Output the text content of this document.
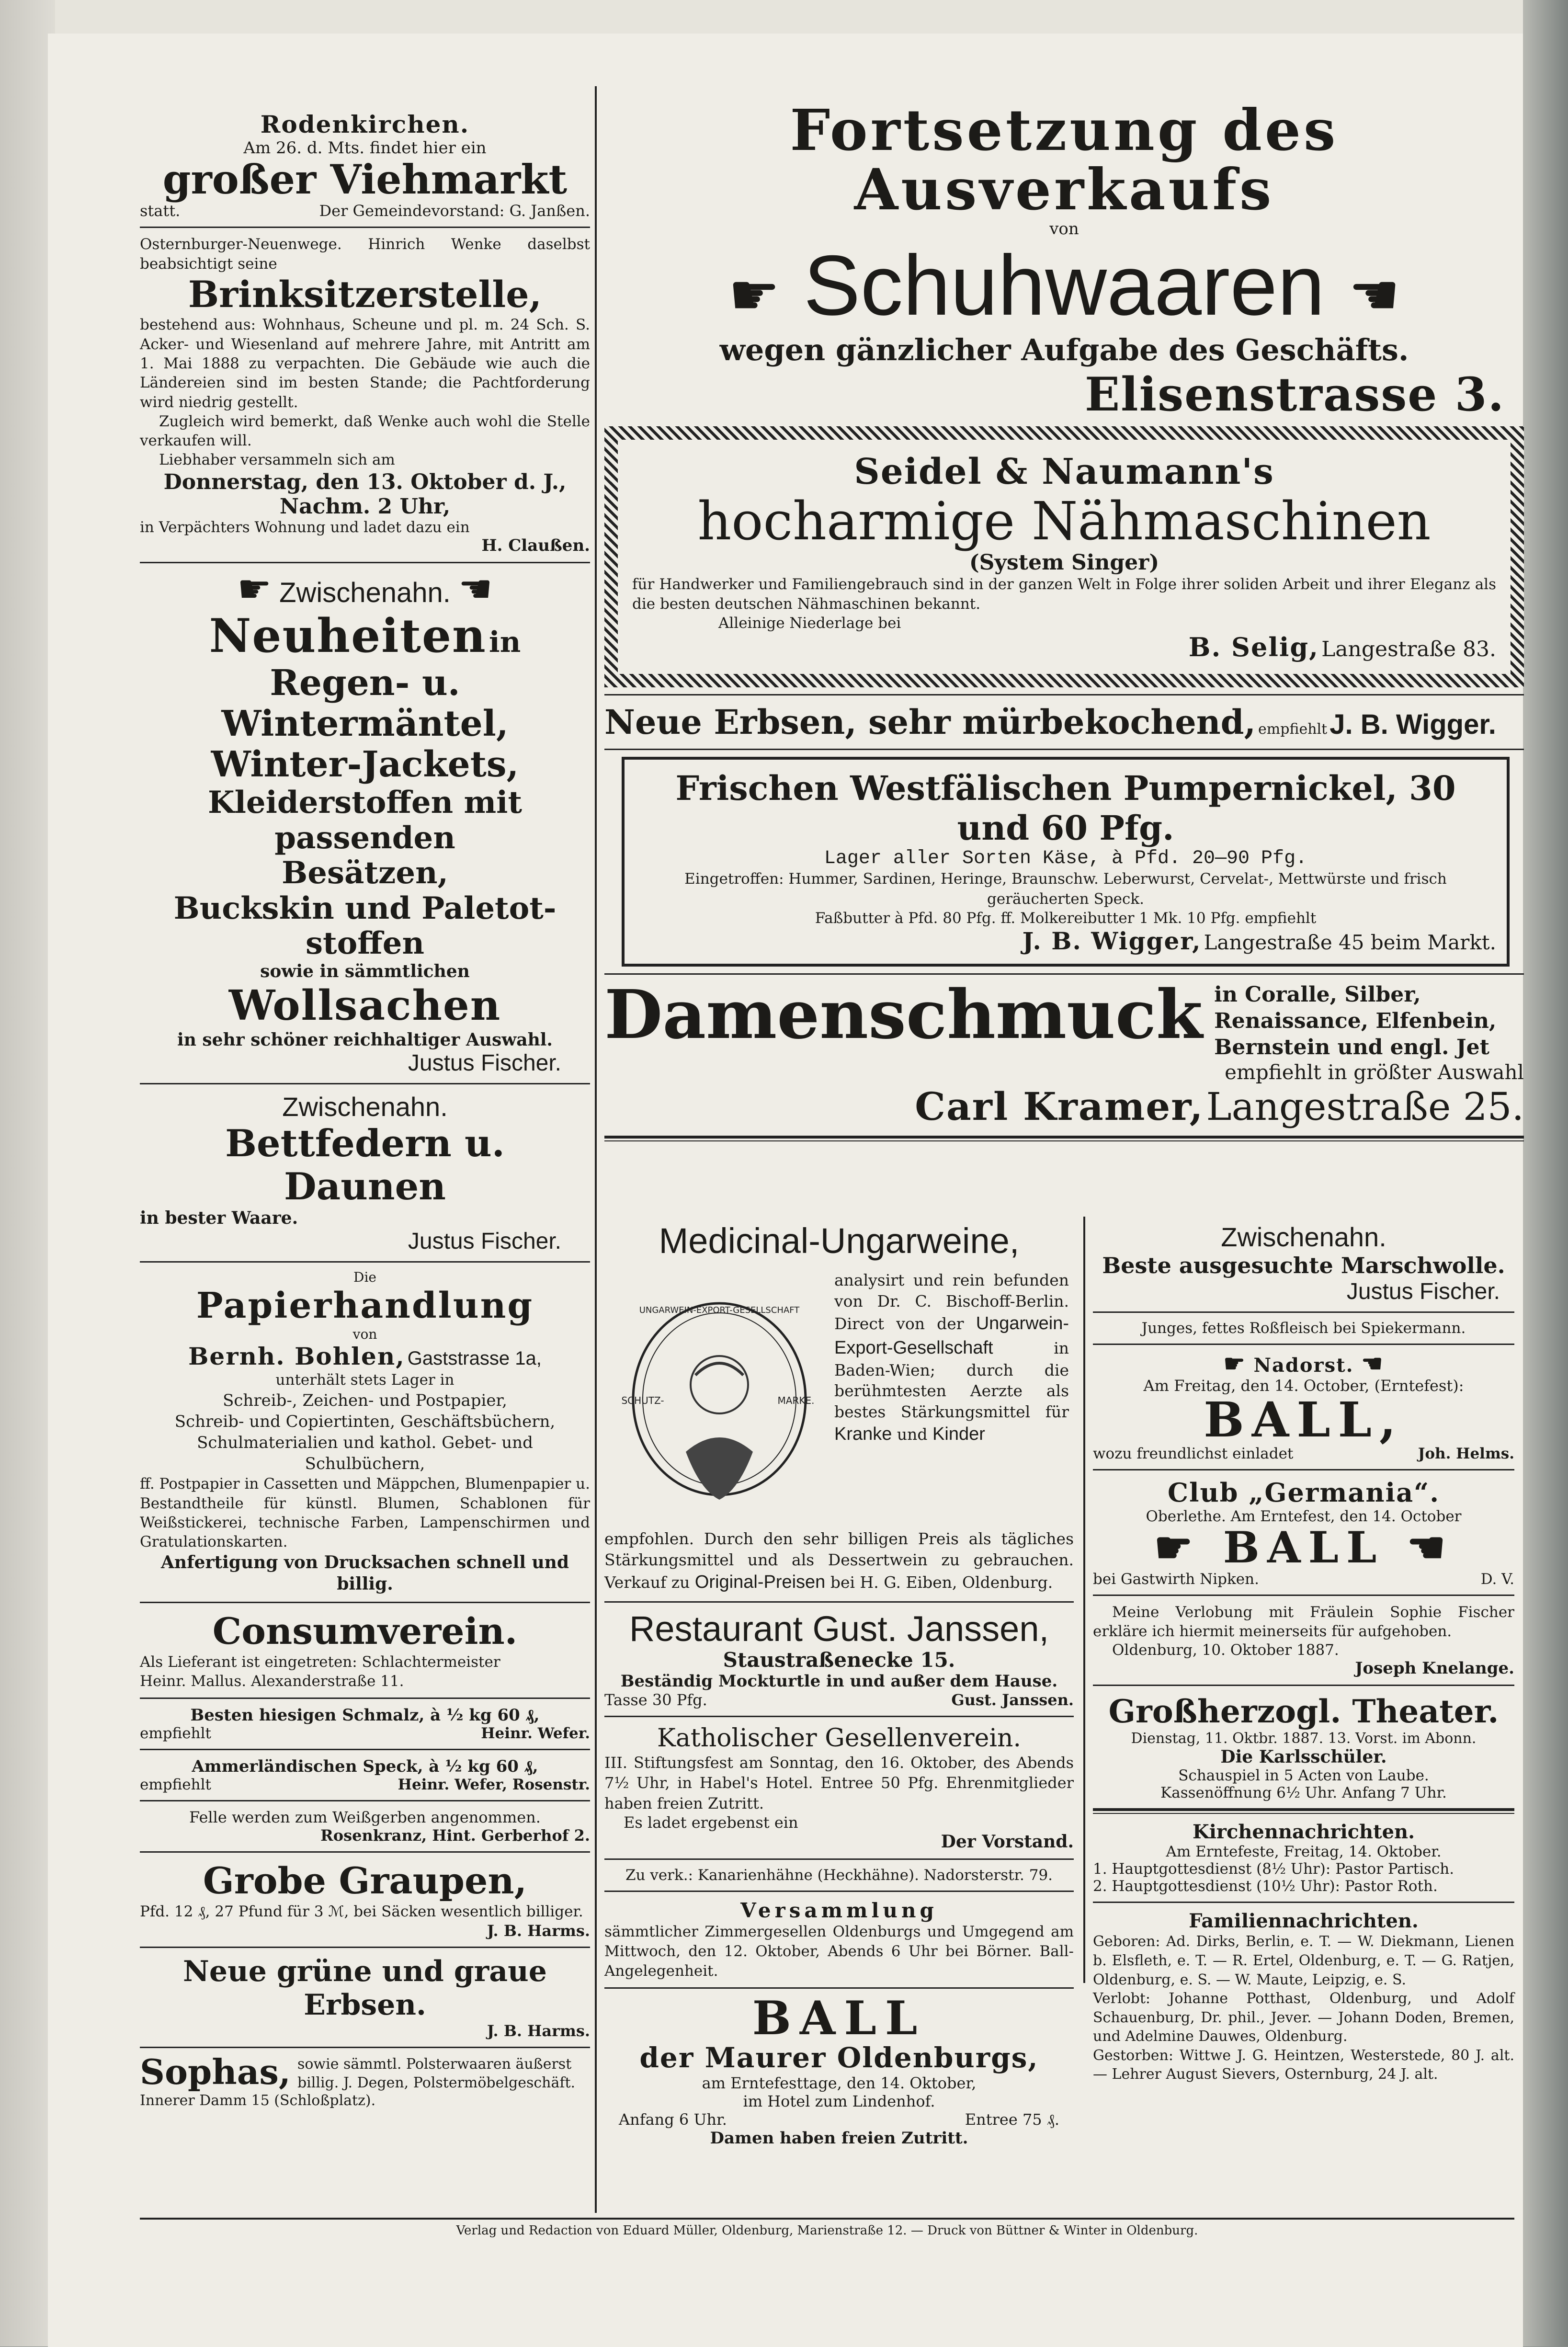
Rodenkirchen.
Am 26. d. Mts. findet hier ein
großer Viehmarkt
statt.	Der Gemeindevorstand: G. Janßen.
Osternburger-Neuenwege. Hinrich Wenke daselbst beabsichtigt seine
Brinksitzerstelle,
bestehend aus: Wohnhaus, Scheune und pl. m. 24 Sch. S. Acker- und Wiesenland auf mehrere Jahre, mit Antritt am 1. Mai 1888 zu verpachten. Die Gebäude wie auch die Ländereien sind im besten Stande; die Pachtforderung wird niedrig gestellt.
Zugleich wird bemerkt, daß Wenke auch wohl die Stelle verkaufen will.
Liebhaber versammeln sich am
Donnerstag, den 13. Oktober d. J.,
Nachm. 2 Uhr,
in Verpächters Wohnung und ladet dazu ein
H. Claußen.
☛ Zwischenahn. ☚
Neuheiten in
Regen- u. Wintermäntel,
Winter-Jackets,
Kleiderstoffen mit passenden
Besätzen,
Buckskin und Paletot-
stoffen
sowie in sämmtlichen
Wollsachen
in sehr schöner reichhaltiger Auswahl.
Justus Fischer.
Zwischenahn.
Bettfedern u. Daunen
in bester Waare.
Justus Fischer.
Die
Papierhandlung
von
Bernh. Bohlen, Gaststrasse 1a,
unterhält stets Lager in
Schreib-, Zeichen- und Postpapier,
Schreib- und Copiertinten, Geschäftsbüchern,
Schulmaterialien und kathol. Gebet- und
Schulbüchern,
ff. Postpapier in Cassetten und Mäppchen, Blumenpapier u. Bestandtheile für künstl. Blumen, Schablonen für Weißstickerei, technische Farben, Lampenschirmen und Gratulationskarten.
Anfertigung von Drucksachen schnell und billig.
Consumverein.
Als Lieferant ist eingetreten: Schlachtermeister
Heinr. Mallus. Alexanderstraße 11.
Besten hiesigen Schmalz, à ½ kg 60 ₰,
empfiehlt	Heinr. Wefer.
Ammerländischen Speck, à ½ kg 60 ₰,
empfiehlt	Heinr. Wefer, Rosenstr.
Felle werden zum Weißgerben angenommen.
Rosenkranz, Hint. Gerberhof 2.
Grobe Graupen,
Pfd. 12 ₰, 27 Pfund für 3 ℳ, bei Säcken wesentlich billiger.
J. B. Harms.
Neue grüne und graue Erbsen.
J. B. Harms.
Sophas, sowie sämmtl. Polsterwaaren äußerst billig. J. Degen, Polstermöbelgeschäft.
Innerer Damm 15 (Schloßplatz).
Fortsetzung des Ausverkaufs
von
☛ Schuhwaaren ☚
wegen gänzlicher Aufgabe des Geschäfts.
Elisenstrasse 3.
Seidel & Naumann's
hocharmige Nähmaschinen
(System Singer)
für Handwerker und Familiengebrauch sind in der ganzen Welt in Folge ihrer soliden Arbeit und ihrer Eleganz als die besten deutschen Nähmaschinen bekannt.
Alleinige Niederlage bei
B. Selig, Langestraße 83.
Neue Erbsen, sehr mürbekochend, empfiehlt J. B. Wigger.
Frischen Westfälischen Pumpernickel, 30 und 60 Pfg.
Lager aller Sorten Käse, à Pfd. 20—90 Pfg.
Eingetroffen: Hummer, Sardinen, Heringe, Braunschw. Leberwurst, Cervelat-, Mettwürste und frisch geräucherten Speck.
Faßbutter à Pfd. 80 Pfg. ff. Molkereibutter 1 Mk. 10 Pfg. empfiehlt
J. B. Wigger, Langestraße 45 beim Markt.
Damenschmuck in Coralle, Silber, Renaissance, Elfenbein, Bernstein und engl. Jet
empfiehlt in größter Auswahl
Carl Kramer, Langestraße 25.
Medicinal-Ungarweine,
UNGARWEIN-EXPORT-GESELLSCHAFT
SCHUTZ-	MARKE.
analysirt und rein befunden von Dr. C. Bischoff-Berlin. Direct von der Ungarwein-Export-Gesellschaft	in Baden-Wien; durch die berühmtesten Aerzte als bestes Stärkungsmittel für Kranke und Kinder
empfohlen. Durch den sehr billigen Preis als tägliches Stärkungsmittel und als Dessertwein zu gebrauchen. Verkauf zu Original-Preisen bei H. G. Eiben, Oldenburg.
Restaurant Gust. Janssen,
Staustraßenecke 15.
Beständig Mockturtle in und außer dem Hause.
Tasse 30 Pfg.	Gust. Janssen.
Katholischer Gesellenverein.
III. Stiftungsfest am Sonntag, den 16. Oktober, des Abends 7½ Uhr, in Habel's Hotel. Entree 50 Pfg. Ehrenmitglieder haben freien Zutritt.
Es ladet ergebenst ein
Der Vorstand.
Zu verk.: Kanarienhähne (Heckhähne). Nadorsterstr. 79.
Versammlung
sämmtlicher Zimmergesellen Oldenburgs und Umgegend am Mittwoch, den 12. Oktober, Abends 6 Uhr bei Börner. Ball-Angelegenheit.
BALL
der Maurer Oldenburgs,
am Erntefesttage, den 14. Oktober,
im Hotel zum Lindenhof.
Anfang 6 Uhr.	Entree 75 ₰.
Damen haben freien Zutritt.
Zwischenahn.
Beste ausgesuchte Marschwolle.
Justus Fischer.
Junges, fettes Roßfleisch bei Spiekermann.
☛ Nadorst. ☚
Am Freitag, den 14. October, (Erntefest):
BALL,
wozu freundlichst einladet	Joh. Helms.
Club „Germania“.
Oberlethe. Am Erntefest, den 14. October
☛ BALL ☚
bei Gastwirth Nipken.	D. V.
Meine Verlobung mit Fräulein Sophie Fischer erkläre ich hiermit meinerseits für aufgehoben.
Oldenburg, 10. Oktober 1887.
Joseph Knelange.
Großherzogl. Theater.
Dienstag, 11. Oktbr. 1887. 13. Vorst. im Abonn.
Die Karlsschüler.
Schauspiel in 5 Acten von Laube.
Kassenöffnung 6½ Uhr. Anfang 7 Uhr.
Kirchennachrichten.
Am Erntefeste, Freitag, 14. Oktober.
1. Hauptgottesdienst (8½ Uhr): Pastor Partisch.
2. Hauptgottesdienst (10½ Uhr): Pastor Roth.
Familiennachrichten.
Geboren: Ad. Dirks, Berlin, e. T. — W. Diekmann, Lienen b. Elsfleth, e. T. — R. Ertel, Oldenburg, e. T. — G. Ratjen, Oldenburg, e. S. — W. Maute, Leipzig, e. S.
Verlobt: Johanne Potthast, Oldenburg, und Adolf Schauenburg, Dr. phil., Jever. — Johann Doden, Bremen, und Adelmine Dauwes, Oldenburg.
Gestorben: Wittwe J. G. Heintzen, Westerstede, 80 J. alt. — Lehrer August Sievers, Osternburg, 24 J. alt.
Verlag und Redaction von Eduard Müller, Oldenburg, Marienstraße 12. — Druck von Büttner & Winter in Oldenburg.
